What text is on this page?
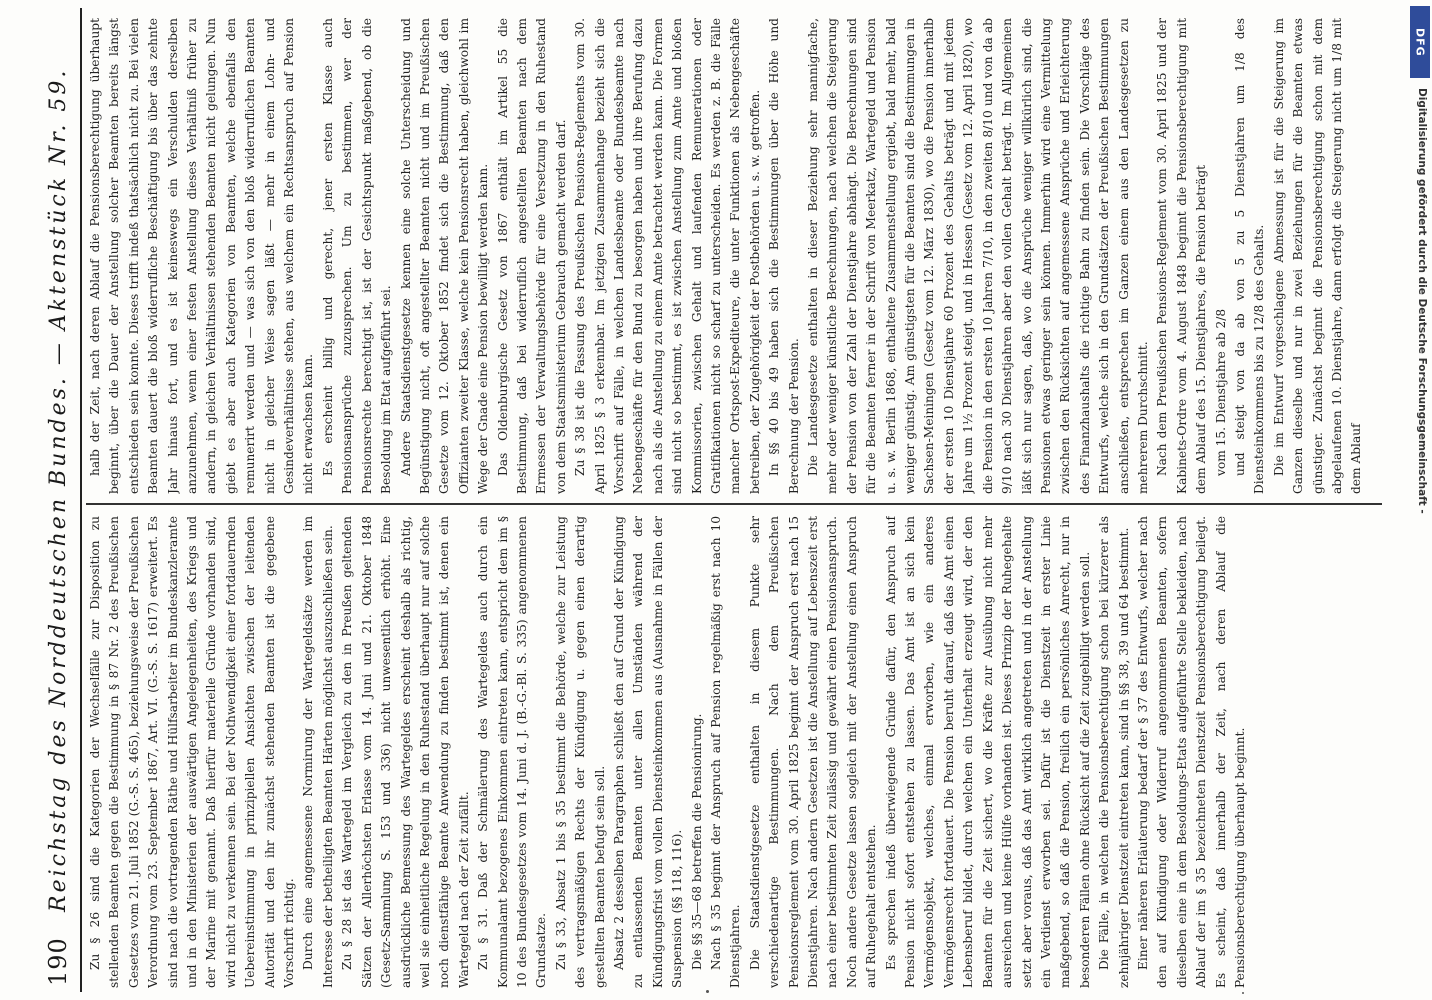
190
Reichstag des Norddeutschen Bundes. — Aktenstück Nr. 59. Zu § 26 sind die Kategorien der Wechselfälle zur Disposition zu stellenden Beamten gegen die Bestimmung in § 87 Nr. 2 des Preußischen Gesetzes vom 21. Juli 1852 (G.-S. S. 465), beziehungsweise der Preußischen Verordnung vom 23. September 1867, Art. VI. (G.-S. S. 1617) erweitert. Es sind nach die vortragenden Räthe und Hülfsarbeiter im Bundeskanzleramte und in den Ministerien der auswärtigen Angelegenheiten, des Kriegs und der Marine mit genannt. Daß hierfür materielle Gründe vorhanden sind, wird nicht zu verkennen sein. Bei der Nothwendigkeit einer fortdauernden Uebereinstimmung in prinzipiellen Ansichten zwischen der leitenden Autorität und den ihr zunächst stehenden Beamten ist die gegebene Vorschrift richtig. Durch eine angemessene Normirung der Wartegeldsätze werden im Interesse der betheiligten Beamten Härten möglichst auszuschließen sein. Zu § 28 ist das Wartegeld im Vergleich zu den in Preußen geltenden Sätzen der Allerhöchsten Erlasse vom 14. Juni und 21. Oktober 1848 (Gesetz-Sammlung S. 153 und 336) nicht unwesentlich erhöht. Eine ausdrückliche Bemessung des Wartegeldes erscheint deshalb als richtig, weil sie einheitliche Regelung in den Ruhestand überhaupt nur auf solche noch dienstfähige Beamte Anwendung zu finden bestimmt ist, denen ein Wartegeld nach der Zeit zufällt. Zu § 31. Daß der Schmälerung des Wartegeldes auch durch ein Kommunalamt bezogenes Einkommen eintreten kann, entspricht dem im § 10 des Bundesgesetzes vom 14. Juni d. J. (B.-G.-Bl. S. 335) angenommenen Grundsatze. Zu § 33, Absatz 1 bis § 35 bestimmt die Behörde, welche zur Leistung des vertragsmäßigen Rechts der Kündigung u. gegen einen derartig gestellten Beamten befugt sein soll. Absatz 2 desselben Paragraphen schließt den auf Grund der Kündigung zu entlassenden Beamten unter allen Umständen während der Kündigungsfrist vom vollen Diensteinkommen aus (Ausnahme in Fällen der Suspension (§§ 118, 116). Die §§ 35—68 betreffen die Pensionirung. Nach § 35 beginnt der Anspruch auf Pension regelmäßig erst nach 10 Dienstjahren. Die Staatsdienstgesetze enthalten in diesem Punkte sehr verschiedenartige Bestimmungen. Nach dem Preußischen Pensionsreglement vom 30. April 1825 beginnt der Anspruch erst nach 15 Dienstjahren. Nach andern Gesetzen ist die Anstellung auf Lebenszeit erst nach einer bestimmten Zeit zulässig und gewährt einen Pensionsanspruch. Noch andere Gesetze lassen sogleich mit der Anstellung einen Anspruch auf Ruhegehalt entstehen. Es sprechen indeß überwiegende Gründe dafür, den Anspruch auf Pension nicht sofort entstehen zu lassen. Das Amt ist an sich kein Vermögensobjekt, welches, einmal erworben, wie ein anderes Vermögensrecht fortdauert. Die Pension beruht darauf, daß das Amt einen Lebensberuf bildet, durch welchen ein Unterhalt erzeugt wird, der den Beamten für die Zeit sichert, wo die Kräfte zur Ausübung nicht mehr ausreichen und keine Hülfe vorhanden ist. Dieses Prinzip der Ruhegehalte setzt aber voraus, daß das Amt wirklich angetreten und in der Anstellung ein Verdienst erworben sei. Dafür ist die Dienstzeit in erster Linie maßgebend, so daß die Pension, freilich ein persönliches Anrecht, nur in besonderen Fällen ohne Rücksicht auf die Zeit zugebilligt werden soll. Die Fälle, in welchen die Pensionsberechtigung schon bei kürzerer als zehnjähriger Dienstzeit eintreten kann, sind in §§ 38, 39 und 64 bestimmt. Einer näheren Erläuterung bedarf der § 37 des Entwurfs, welcher nach den auf Kündigung oder Widerruf angenommenen Beamten, sofern dieselben eine in dem Besoldungs-Etats aufgeführte Stelle bekleiden, nach Ablauf der im § 35 bezeichneten Dienstzeit Pensionsberechtigung beilegt. Es scheint, daß innerhalb der Zeit, nach deren Ablauf die Pensionsberechtigung überhaupt beginnt.

halb der Zeit, nach deren Ablauf die Pensionsberechtigung überhaupt beginnt, über die Dauer der Anstellung solcher Beamten bereits längst entschieden sein konnte. Dieses trifft indeß thatsächlich nicht zu. Bei vielen Beamten dauert die bloß widerrufliche Beschäftigung bis über das zehnte Jahr hinaus fort, und es ist keineswegs ein Verschulden derselben anzunehmen, wenn einer festen Anstellung dieses Verhältniß früher zu andern, in gleichen Verhältnissen stehenden Beamten nicht gelungen. Nun giebt es aber auch Kategorien von Beamten, welche ebenfalls den remunerirt werden und — was sich von den bloß widerruflichen Beamten nicht in gleicher Weise sagen läßt — mehr in einem Lohn- und Gesindeverhältnisse stehen, aus welchem ein Rechtsanspruch auf Pension nicht erwachsen kann. Es erscheint billig und gerecht, jener ersten Klasse auch Pensionsansprüche zuzusprechen. Um zu bestimmen, wer der Pensionsrechte berechtigt ist, ist der Gesichtspunkt maßgebend, ob die Besoldung im Etat aufgeführt sei. Andere Staatsdienstgesetze kennen eine solche Unterscheidung und Begünstigung nicht, oft angestellter Beamten nicht und im Preußischen Gesetze vom 12. Oktober 1852 findet sich die Bestimmung, daß den Offizianten zweiter Klasse, welche kein Pensionsrecht haben, gleichwohl im Wege der Gnade eine Pension bewilligt werden kann. Das Oldenburgische Gesetz von 1867 enthält im Artikel 55 die Bestimmung, daß bei widerruflich angestellten Beamten nach dem Ermessen der Verwaltungsbehörde für eine Versetzung in den Ruhestand von dem Staatsministerium Gebrauch gemacht werden darf. Zu § 38 ist die Fassung des Preußischen Pensions-Reglements vom 30. April 1825 § 3 erkennbar. Im jetzigen Zusammenhange bezieht sich die Vorschrift auf Fälle, in welchen Landesbeamte oder Bundesbeamte nach Nebengeschäfte für den Bund zu besorgen haben und ihre Berufung dazu nach als die Anstellung zu einem Amte betrachtet werden kann. Die Formen sind nicht so bestimmt, es ist zwischen Anstellung zum Amte und bloßen Kommissorien, zwischen Gehalt und laufenden Remunerationen oder Gratifikationen nicht so scharf zu unterscheiden. Es werden z. B. die Fälle mancher Ortspost-Expediteure, die unter Funktionen als Nebengeschäfte betreiben, der Zugehörigkeit der Postbehörden u. s. w. getroffen. In §§ 40 bis 49 haben sich die Bestimmungen über die Höhe und Berechnung der Pension. Die Landesgesetze enthalten in dieser Beziehung sehr mannigfache, mehr oder weniger künstliche Berechnungen, nach welchen die Steigerung der Pension von der Zahl der Dienstjahre abhängt. Die Berechnungen sind für die Beamten ferner in der Schrift von Meerkatz, Wartegeld und Pension u. s. w. Berlin 1868, enthaltene Zusammenstellung ergiebt, bald mehr, bald weniger günstig. Am günstigsten für die Beamten sind die Bestimmungen in Sachsen-Meiningen (Gesetz vom 12. März 1830), wo die Pension innerhalb der ersten 10 Dienstjahre 60 Prozent des Gehalts beträgt und mit jedem Jahre um 1½ Prozent steigt, und in Hessen (Gesetz vom 12. April 1820), wo die Pension in den ersten 10 Jahren 7/10, in den zweiten 8/10 und von da ab 9/10 nach 30 Dienstjahren aber den vollen Gehalt beträgt. Im Allgemeinen läßt sich nur sagen, daß, wo die Ansprüche weniger willkürlich sind, die Pensionen etwas geringer sein können. Immerhin wird eine Vermittelung zwischen den Rücksichten auf angemessene Ansprüche und Erleichterung des Finanzhaushalts die richtige Bahn zu finden sein. Die Vorschläge des Entwurfs, welche sich in den Grundsätzen der Preußischen Bestimmungen anschließen, entsprechen im Ganzen einem aus den Landesgesetzen zu mehrerem Durchschnitt. Nach dem Preußischen Pensions-Reglement vom 30. April 1825 und der Kabinets-Ordre vom 4. August 1848 beginnt die Pensionsberechtigung mit dem Ablauf des 15. Dienstjahres, die Pension beträgt vom 15. Dienstjahre ab 2/8 und steigt von da ab von 5 zu 5 Dienstjahren um 1/8 des Diensteinkommens bis zu 12/8 des Gehalts. Die im Entwurf vorgeschlagene Abmessung ist für die Steigerung im Ganzen dieselbe und nur in zwei Beziehungen für die Beamten etwas günstiger. Zunächst beginnt die Pensionsberechtigung schon mit dem abgelaufenen 10. Dienstjahre, dann erfolgt die Steigerung nicht um 1/8 mit dem Ablauf	Digitalisierung gefördert durch die Deutsche Forschungsgemeinschaft -
DFG
